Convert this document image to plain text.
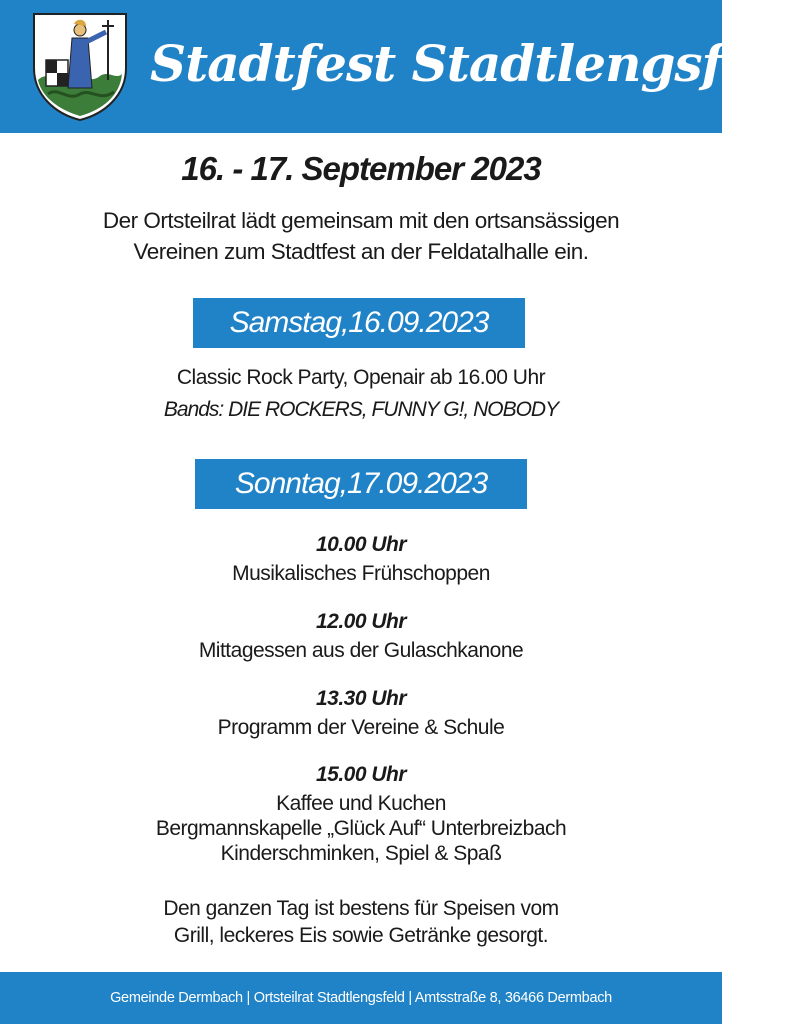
Stadtfest Stadtlengsfeld
16. - 17. September 2023
Der Ortsteilrat lädt gemeinsam mit den ortsansässigen
Vereinen zum Stadtfest an der Feldatalhalle ein.
Samstag,16.09.2023
Classic Rock Party, Openair ab 16.00 Uhr
Bands: DIE ROCKERS, FUNNY G!, NOBODY
Sonntag,17.09.2023
10.00 Uhr
Musikalisches Frühschoppen
12.00 Uhr
Mittagessen aus der Gulaschkanone
13.30 Uhr
Programm der Vereine & Schule
15.00 Uhr
Kaffee und Kuchen
Bergmannskapelle „Glück Auf“ Unterbreizbach
Kinderschminken, Spiel & Spaß
Den ganzen Tag ist bestens für Speisen vom
Grill, leckeres Eis sowie Getränke gesorgt.
Gemeinde Dermbach | Ortsteilrat Stadtlengsfeld | Amtsstraße 8, 36466 Dermbach
